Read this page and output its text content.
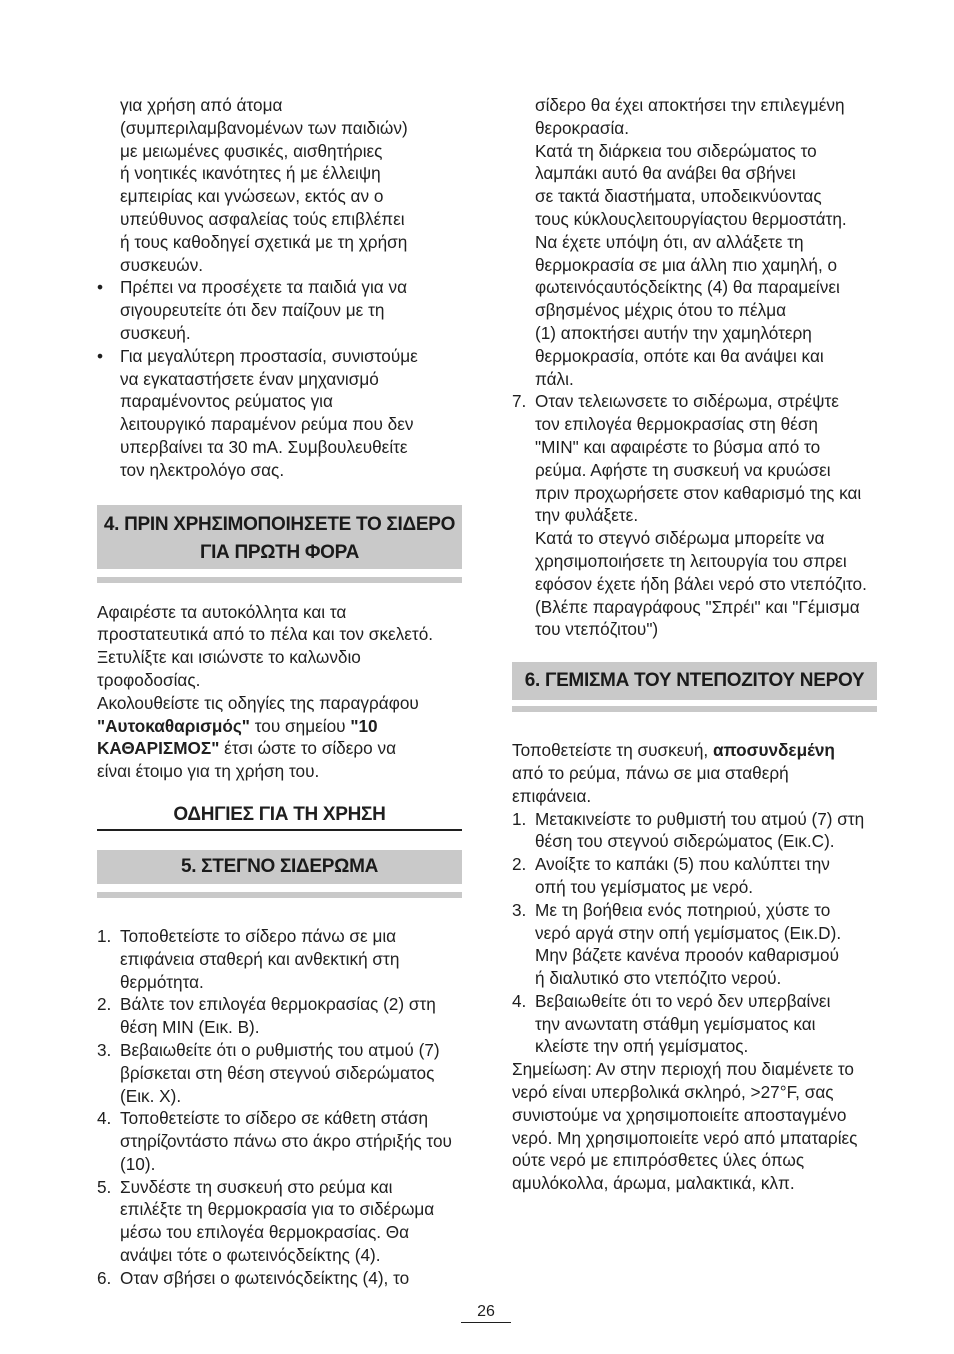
για χρήση από άτομα

(συμπεριλαμβανομένων των παιδιών)

με μειωμένες φυσικές, αισθητήριες

ή νοητικές ικανότητες ή με έλλειψη

εμπειρίας και γνώσεων, εκτός αν ο

υπεύθυνος ασφαλείας τούς επιβλέπει

ή τους καθοδηγεί σχετικά με τη χρήση

συσκευών.

• Πρέπει να προσέχετε τα παιδιά για να

σιγουρευτείτε ότι δεν παίζουν με τη

συσκευή.

• Για μεγαλύτερη προστασία, συνιστούμε

να εγκαταστήσετε έναν μηχανισμό

παραμένοντος ρεύματος για

λειτουργικό παραμένον ρεύμα που δεν

υπερβαίνει τα 30 mA. Συμβουλευθείτε

τον ηλεκτρολόγο σας.

4. ΠΡΙΝ ΧΡΗΣΙΜΟΠΟΙΗΣΕΤΕ ΤΟ ΣΙΔΕΡΟ
ΓΙΑ ΠΡΩΤΗ ΦΟΡΑ

Αφαιρέστε τα αυτοκόλλητα και τα

προστατευτικά από το πέλα και τον σκελετό.

Ξετυλίξτε και ισιώνστε το καλωνδιο

τροφοδοσίας.

Ακολουθείστε τις οδηγίες της παραγράφου

"Αυτοκαθαρισμός" του σημείου "10

ΚΑΘΑΡΙΣΜΟΣ" έτσι ώστε το σίδερο να

είναι έτοιμο για τη χρήση του.

ΟΔΗΓΙΕΣ ΓΙΑ ΤΗ ΧΡΗΣΗ
5. ΣΤΕΓΝΟ ΣΙΔΕΡΩΜΑ
1. Τοποθετείστε το σίδερο πάνω σε μια

επιφάνεια σταθερή και ανθεκτική στη

θερμότητα.

2. Βάλτε τον επιλογέα θερμοκρασίας (2) στη

θέση MIN (Εικ. B).

3. Βεβαιωθείτε ότι ο ρυθμιστής του ατμού (7)

βρίσκεται στη θέση στεγνού σιδερώματος

(Εικ. X).

4. Τοποθετείστε το σίδερο σε κάθετη στάση

στηρίζοντάστο πάνω στο άκρο στήριξής του

(10).

5. Συνδέστε τη συσκευή στο ρεύμα και

επιλέξτε τη θερμοκρασία για το σιδέρωμα

μέσω του επιλογέα θερμοκρασίας. Θα

ανάψει τότε ο φωτεινόςδείκτης (4).

6. Οταν σβήσει ο φωτεινόςδείκτης (4), το

σίδερο θα έχει αποκτήσει την επιλεγμένη

θεροκρασία.

Κατά τη διάρκεια του σιδερώματος το

λαμπάκι αυτό θα ανάβει θα σβήνει

σε τακτά διαστήματα, υποδεικνύοντας

τους κύκλουςλειτουργίαςτου θερμοστάτη.

Να έχετε υπόψη ότι, αν αλλάξετε τη

θερμοκρασία σε μια άλλη πιο χαμηλή, ο

φωτεινόςαυτόςδείκτης (4) θα παραμείνει

σβησμένος μέχρις ότου το πέλμα

(1) αποκτήσει αυτήν την χαμηλότερη

θερμοκρασία, οπότε και θα ανάψει και

πάλι.

7. Οταν τελειωνσετε το σιδέρωμα, στρέψτε

τον επιλογέα θερμοκρασίας στη θέση

"MIN" και αφαιρέστε το βύσμα από το

ρεύμα. Αφήστε τη συσκευή να κρυώσει

πριν προχωρήσετε στον καθαρισμό της και

την φυλάξετε.

Κατά το στεγνό σιδέρωμα μπορείτε να

χρησιμοποιήσετε τη λειτουργία του σπρει

εφόσον έχετε ήδη βάλει νερό στο ντεπόζιτο.

(Βλέπε παραγράφους "Σπρέι" και "Γέμισμα

του ντεπόζιτου")

6. ΓΕΜΙΣΜΑ ΤΟΥ ΝΤΕΠΟΖΙΤΟΥ ΝΕΡΟΥ

Τοποθετείστε τη συσκευή, αποσυνδεμένη

από το ρεύμα, πάνω σε μια σταθερή

επιφάνεια.

1. Μετακινείστε το ρυθμιστή του ατμού (7) στη

θέση του στεγνού σιδερώματος (Εικ.C).

2. Ανοίξτε το καπάκι (5) που καλύπτει την

οπή του γεμίσματος με νερό.

3. Με τη βοήθεια ενός ποτηριού, χύστε το

νερό αργά στην οπή γεμίσματος (Εικ.D).

Μην βάζετε κανένα προοόν καθαρισμού

ή διαλυτικό στο ντεπόζιτο νερού.

4. Βεβαιωθείτε ότι το νερό δεν υπερβαίνει

την ανωντατη στάθμη γεμίσματος και

κλείστε την οπή γεμίσματος.

Σημείωση: Αν στην περιοχή που διαμένετε το

νερό είναι υπερβολικά σκληρό, >27°F, σας

συνιστούμε να χρησιμοποιείτε αποσταγμένο

νερό. Μη χρησιμοποιείτε νερό από μπαταρίες

ούτε νερό με επιπρόσθετες ύλες όπως

αμυλόκολλα, άρωμα, μαλακτικά, κλπ.

26
